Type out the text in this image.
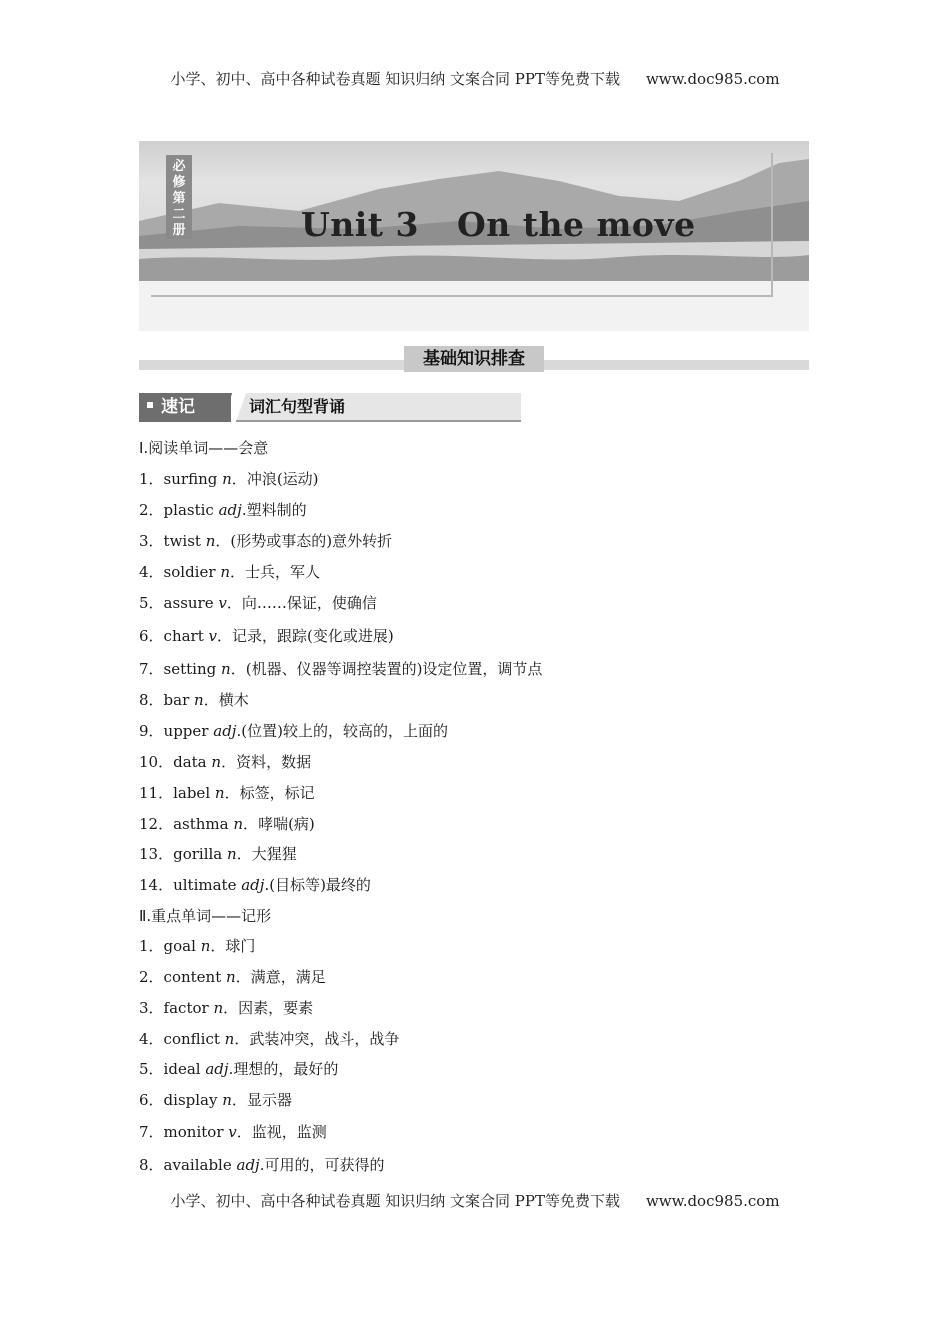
小学、初中、高中各种试卷真题 知识归纳 文案合同 PPT等免费下载 www.doc985.com
必
修
第
二
册	Unit 3 On the move
基础知识排查
词汇句型背诵
速记
Ⅰ.阅读单词——会意
1．surfing n．冲浪(运动)
2．plastic adj.塑料制的
3．twist n．(形势或事态的)意外转折
4．soldier n．士兵，军人
5．assure v．向……保证，使确信
6．chart v．记录，跟踪(变化或进展)
7．setting n．(机器、仪器等调控装置的)设定位置，调节点
8．bar n．横木
9．upper adj.(位置)较上的，较高的，上面的
10．data n．资料，数据
11．label n．标签，标记
12．asthma n．哮喘(病)
13．gorilla n．大猩猩
14．ultimate adj.(目标等)最终的
Ⅱ.重点单词——记形
1．goal n．球门
2．content n．满意，满足
3．factor n．因素，要素
4．conflict n．武装冲突，战斗，战争
5．ideal adj.理想的，最好的
6．display n．显示器
7．monitor v．监视，监测
8．available adj.可用的，可获得的
小学、初中、高中各种试卷真题 知识归纳 文案合同 PPT等免费下载 www.doc985.com
